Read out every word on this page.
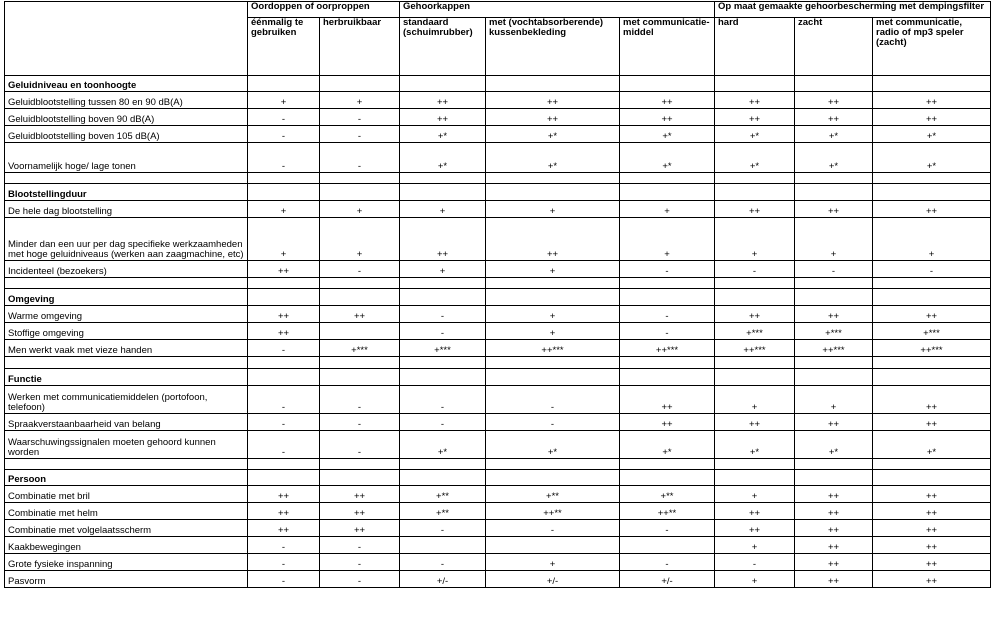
	Oordoppen of oorproppen		Gehoorkappen			Op maat gemaakte gehoorbescherming met dempingsfilter		
	éénmalig te gebruiken	herbruikbaar	standaard (schuimrubber)	met (vochtabsorberende) kussenbekleding	met communicatie-middel	hard	zacht	met communicatie, radio of mp3 speler (zacht)
Geluidniveau en toonhoogte								
Geluidblootstelling tussen 80 en 90 dB(A)	+	+	++	++	++	++	++	++
Geluidblootstelling boven 90 dB(A)	-	-	++	++	++	++	++	++
Geluidblootstelling boven 105 dB(A)	-	-	+*	+*	+*	+*	+*	+*
Voornamelijk hoge/ lage tonen	-	-	+*	+*	+*	+*	+*	+*

Blootstellingduur								
De hele dag blootstelling	+	+	+	+	+	++	++	++
Minder dan een uur per dag specifieke werkzaamheden met hoge geluidniveaus (werken aan zaagmachine, etc)	+	+	++	++	+	+	+	+
Incidenteel (bezoekers)	++	-	+	+	-	-	-	-

Omgeving								
Warme omgeving	++	++	-	+	-	++	++	++
Stoffige omgeving	++		-	+	-	+***	+***	+***
Men werkt vaak met vieze handen	-	+***	+***	++***	++***	++***	++***	++***

Functie								
Werken met communicatiemiddelen (portofoon, telefoon)	-	-	-	-	++	+	+	++
Spraakverstaanbaarheid van belang	-	-	-	-	++	++	++	++
Waarschuwingssignalen moeten gehoord kunnen worden	-	-	+*	+*	+*	+*	+*	+*

Persoon								
Combinatie met bril	++	++	+**	+**	+**	+	++	++
Combinatie met helm	++	++	+**	++**	++**	++	++	++
Combinatie met volgelaatsscherm	++	++	-	-	-	++	++	++
Kaakbewegingen	-	-				+	++	++
Grote fysieke inspanning	-	-	-	+	-	-	++	++
Pasvorm	-	-	+/-	+/-	+/-	+	++	++
